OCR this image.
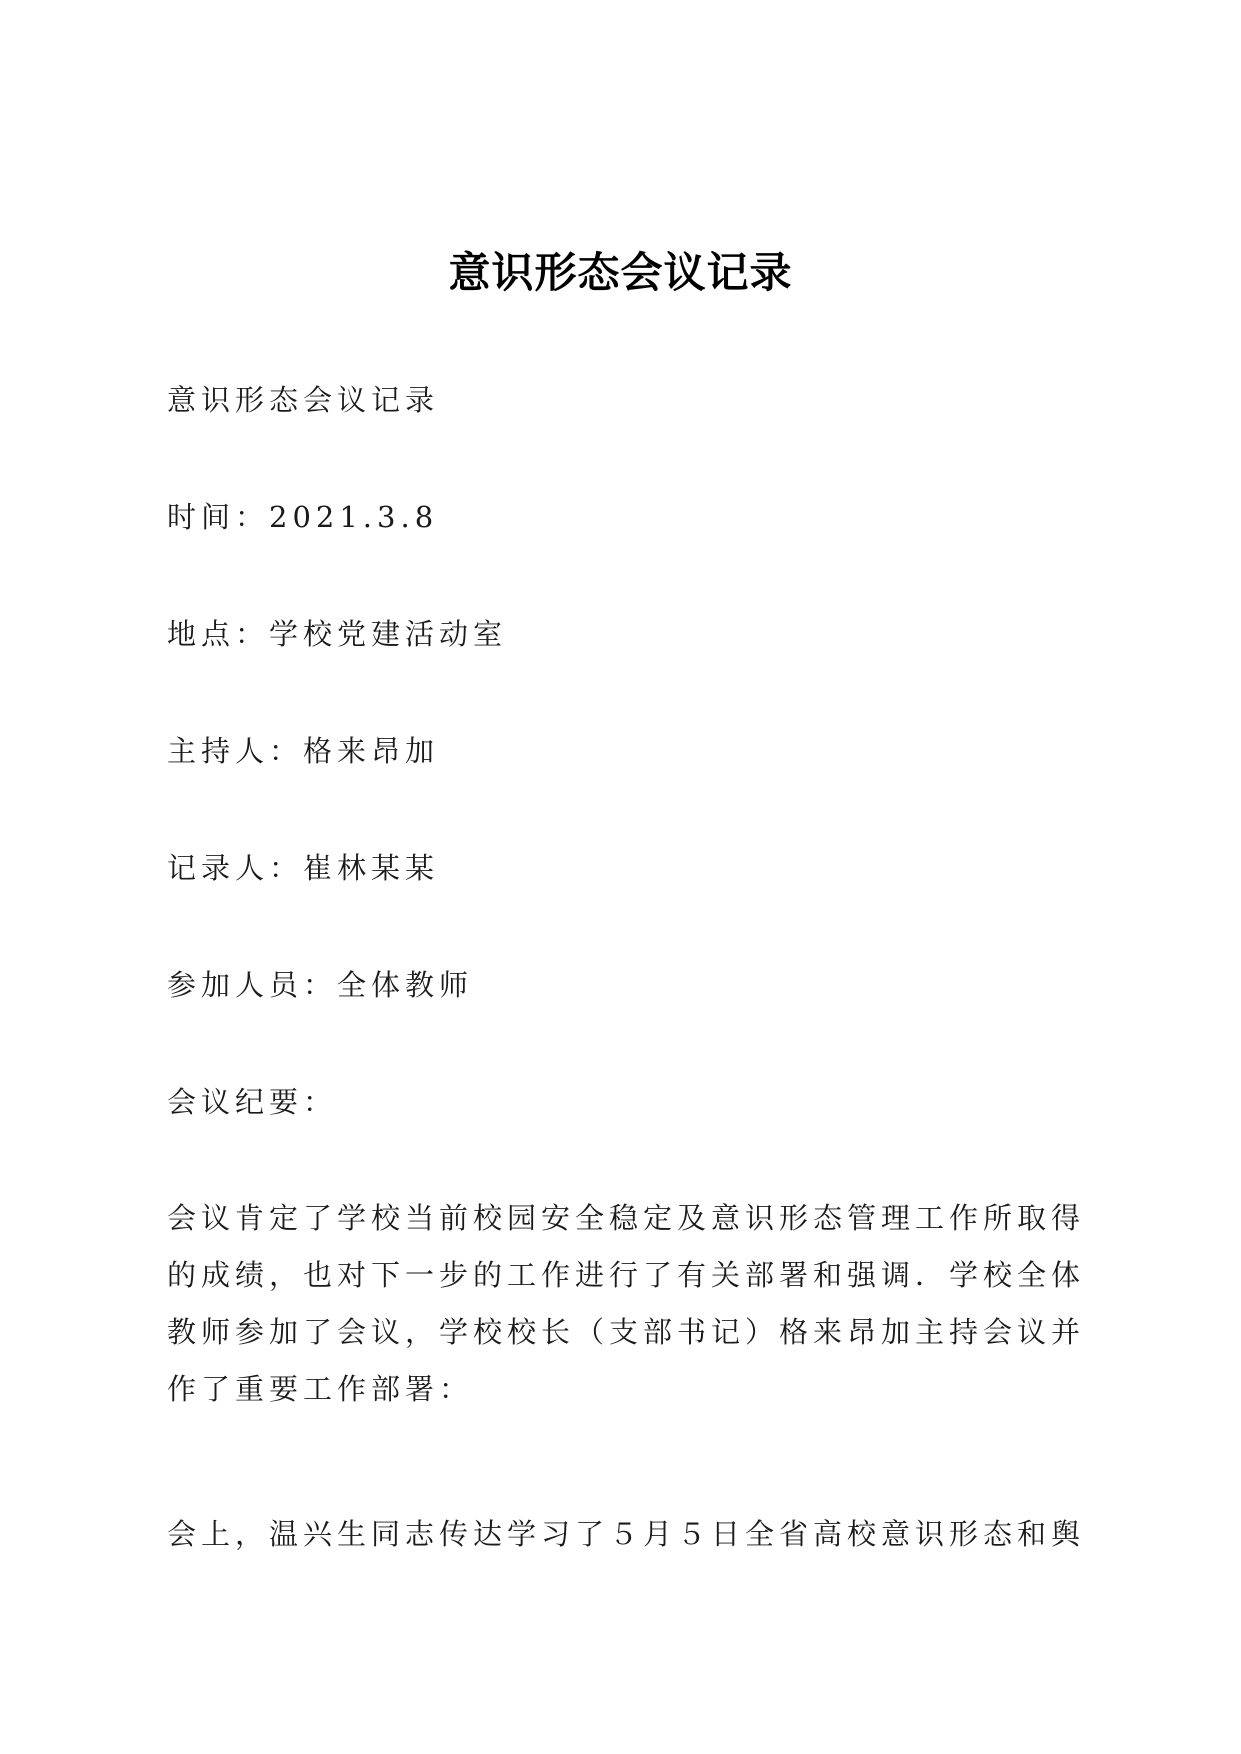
意识形态会议记录
意识形态会议记录
时间：2021.3.8
地点：学校党建活动室
主持人：格来昂加
记录人：崔林某某
参加人员：全体教师
会议纪要：
会议肯定了学校当前校园安全稳定及意识形态管理工作所取得
的成绩，也对下一步的工作进行了有关部署和强调．学校全体
教师参加了会议，学校校长（支部书记）格来昂加主持会议并
作了重要工作部署：
会上，温兴生同志传达学习了５月５日全省高校意识形态和舆
